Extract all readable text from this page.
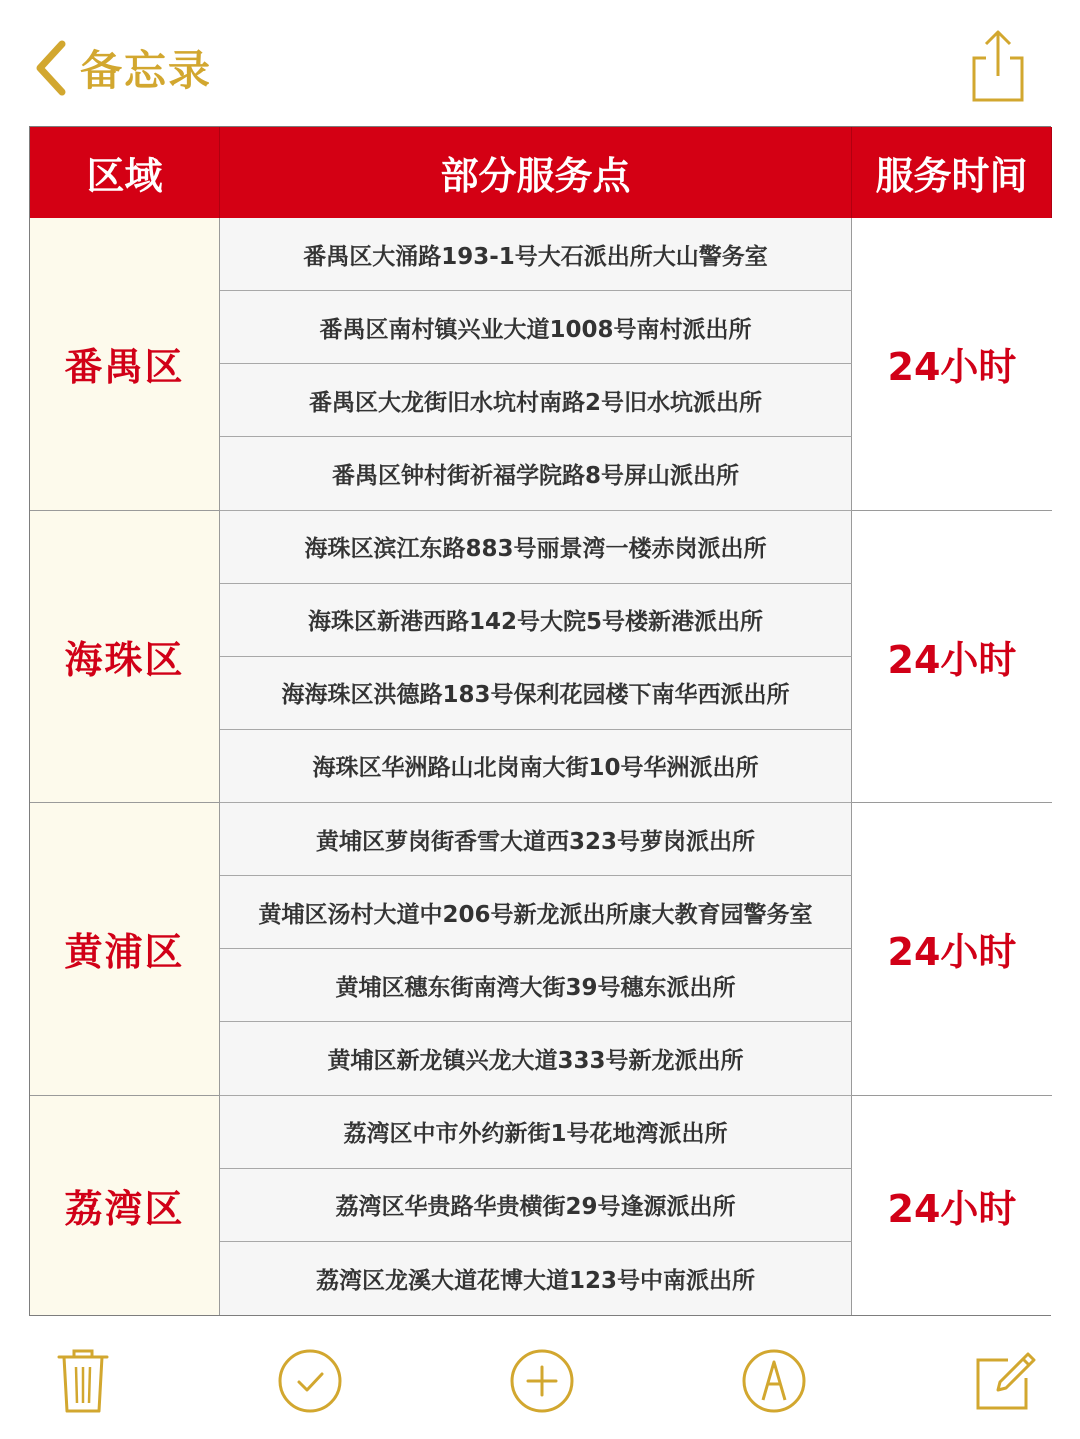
备忘录
区域	部分服务点	服务时间
番禺区
番禺区大涌路193-1号大石派出所大山警务室
番禺区南村镇兴业大道1008号南村派出所
番禺区大龙街旧水坑村南路2号旧水坑派出所
番禺区钟村街祈福学院路8号屏山派出所
24小时
海珠区
海珠区滨江东路883号丽景湾一楼赤岗派出所
海珠区新港西路142号大院5号楼新港派出所
海海珠区洪德路183号保利花园楼下南华西派出所
海珠区华洲路山北岗南大街10号华洲派出所
24小时
黄浦区
黄埔区萝岗街香雪大道西323号萝岗派出所
黄埔区汤村大道中206号新龙派出所康大教育园警务室
黄埔区穗东街南湾大街39号穗东派出所
黄埔区新龙镇兴龙大道333号新龙派出所
24小时
荔湾区
荔湾区中市外约新街1号花地湾派出所
荔湾区华贵路华贵横街29号逢源派出所
荔湾区龙溪大道花博大道123号中南派出所
24小时
